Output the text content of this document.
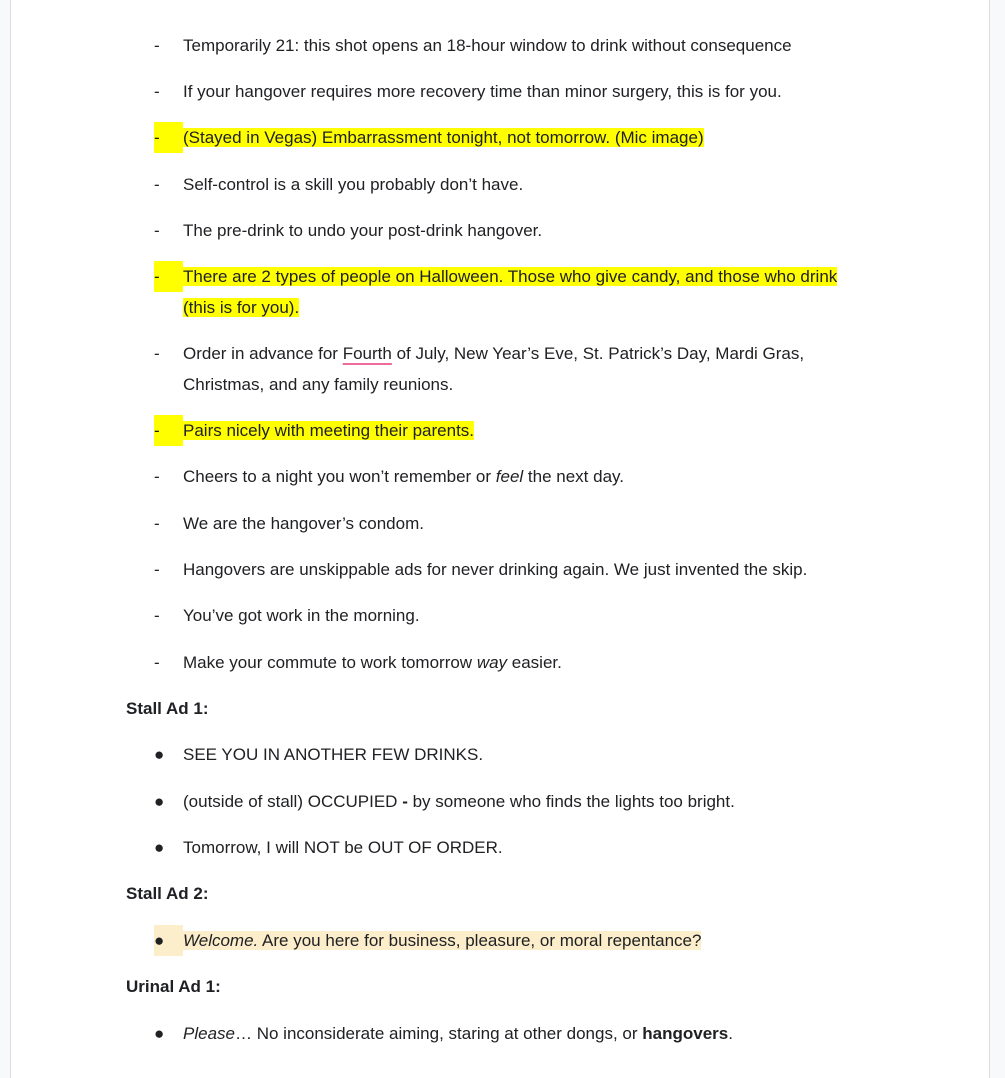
- Temporarily 21: this shot opens an 18-hour window to drink without consequence
- If your hangover requires more recovery time than minor surgery, this is for you.
-	(Stayed in Vegas) Embarrassment tonight, not tomorrow. (Mic image)
- Self-control is a skill you probably don’t have.
- The pre-drink to undo your post-drink hangover.
-	There are 2 types of people on Halloween. Those who give candy, and those who drink
(this is for you).
- Order in advance for Fourth of July, New Year’s Eve, St. Patrick’s Day, Mardi Gras,
Christmas, and any family reunions.
-	Pairs nicely with meeting their parents.
- Cheers to a night you won’t remember or feel the next day.
- We are the hangover’s condom.
- Hangovers are unskippable ads for never drinking again. We just invented the skip.
- You’ve got work in the morning.
- Make your commute to work tomorrow way easier.
Stall Ad 1:
● SEE YOU IN ANOTHER FEW DRINKS.
● (outside of stall) OCCUPIED - by someone who finds the lights too bright.
● Tomorrow, I will NOT be OUT OF ORDER.
Stall Ad 2:
●	Welcome. Are you here for business, pleasure, or moral repentance?
Urinal Ad 1:
● Please… No inconsiderate aiming, staring at other dongs, or hangovers.
